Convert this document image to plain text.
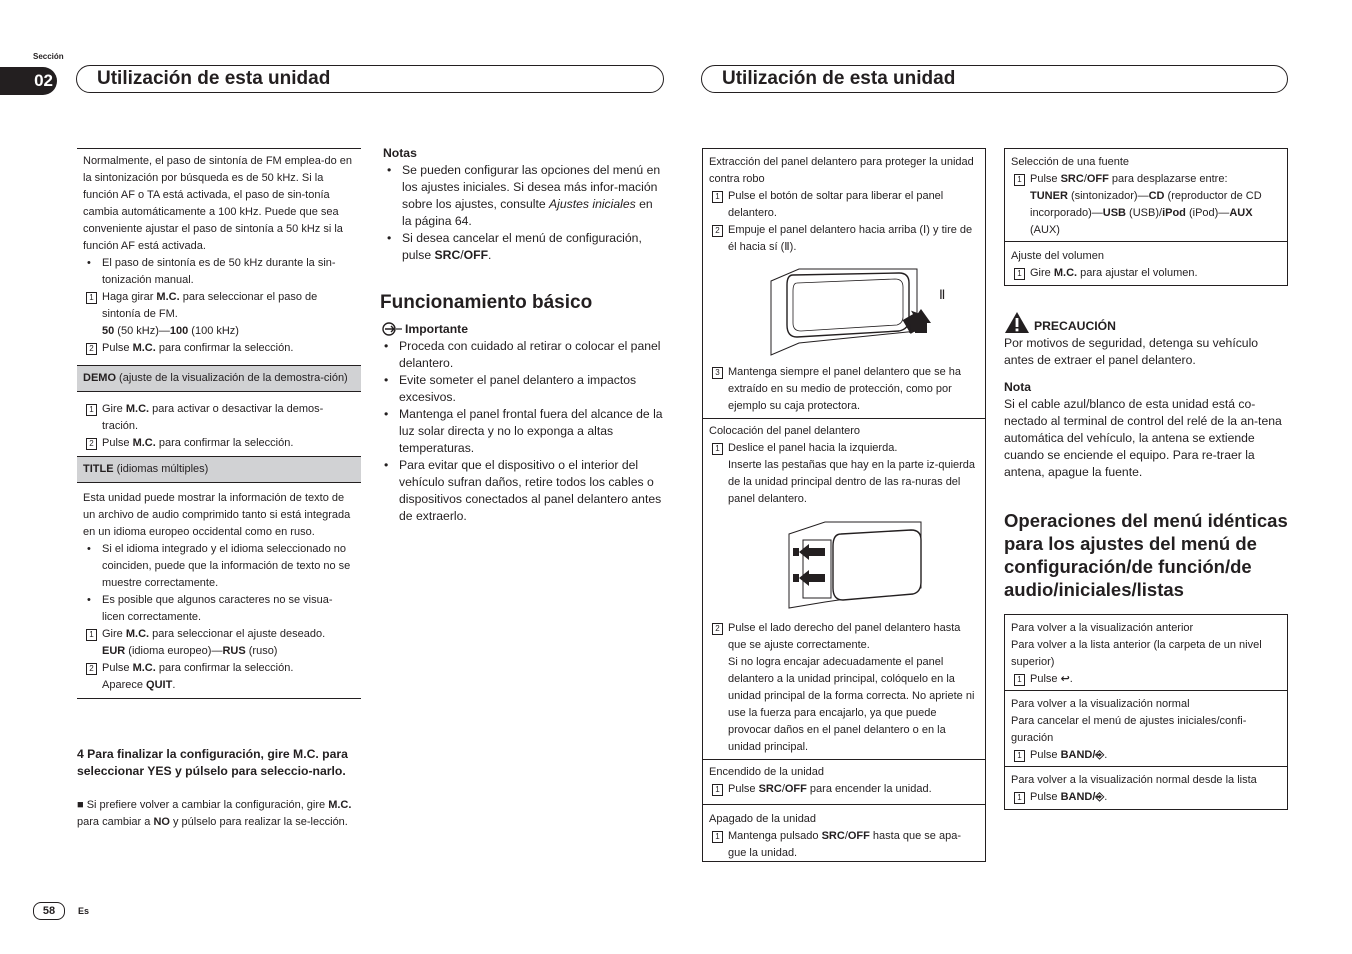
Sección
02	Utilización de esta unidad	Utilización de esta unidad
Normalmente, el paso de sintonía de FM emplea-do en la sintonización por búsqueda es de 50 kHz. Si la función AF o TA está activada, el paso de sin-tonía cambia automáticamente a 100 kHz. Puede que sea conveniente ajustar el paso de sintonía a 50 kHz si la función AF está activada.
• El paso de sintonía es de 50 kHz durante la sin-tonización manual.
1 Haga girar M.C. para seleccionar el paso de sintonía de FM.
50 (50 kHz)—100 (100 kHz)
2 Pulse M.C. para confirmar la selección.
DEMO (ajuste de la visualización de la demostra-ción)
1 Gire M.C. para activar o desactivar la demos-tración.
2 Pulse M.C. para confirmar la selección.
TITLE (idiomas múltiples)
Esta unidad puede mostrar la información de texto de un archivo de audio comprimido tanto si está integrada en un idioma europeo occidental como en ruso.
• Si el idioma integrado y el idioma seleccionado no coinciden, puede que la información de texto no se muestre correctamente.
• Es posible que algunos caracteres no se visua-licen correctamente.
1 Gire M.C. para seleccionar el ajuste deseado.
EUR (idioma europeo)—RUS (ruso)
2 Pulse M.C. para confirmar la selección.
Aparece QUIT.
4 Para finalizar la configuración, gire M.C. para seleccionar YES y púlselo para seleccio-narlo.
■ Si prefiere volver a cambiar la configuración, gire M.C. para cambiar a NO y púlselo para realizar la se-lección.
Notas
• Se pueden configurar las opciones del menú en los ajustes iniciales. Si desea más infor-mación sobre los ajustes, consulte Ajustes iniciales en la página 64.
• Si desea cancelar el menú de configuración, pulse SRC/OFF.
Funcionamiento básico
Importante
• Proceda con cuidado al retirar o colocar el panel delantero.
• Evite someter el panel delantero a impactos excesivos.
• Mantenga el panel frontal fuera del alcance de la luz solar directa y no lo exponga a altas temperaturas.
• Para evitar que el dispositivo o el interior del vehículo sufran daños, retire todos los cables o dispositivos conectados al panel delantero antes de extraerlo.
Extracción del panel delantero para proteger la unidad contra robo
1 Pulse el botón de soltar para liberar el panel delantero.
2 Empuje el panel delantero hacia arriba (Ⅰ) y tire de él hacia sí (Ⅱ).
Ⅱ
Ⅰ
3 Mantenga siempre el panel delantero que se ha extraído en su medio de protección, como por ejemplo su caja protectora.
Colocación del panel delantero
1 Deslice el panel hacia la izquierda.
Inserte las pestañas que hay en la parte iz-quierda de la unidad principal dentro de las ra-nuras del panel delantero.
2 Pulse el lado derecho del panel delantero hasta que se ajuste correctamente.
Si no logra encajar adecuadamente el panel delantero a la unidad principal, colóquelo en la unidad principal de la forma correcta. No apriete ni use la fuerza para encajarlo, ya que puede provocar daños en el panel delantero o en la unidad principal.
Encendido de la unidad
1 Pulse SRC/OFF para encender la unidad.
Apagado de la unidad
1 Mantenga pulsado SRC/OFF hasta que se apa-gue la unidad.
Selección de una fuente
1 Pulse SRC/OFF para desplazarse entre:
TUNER (sintonizador)—CD (reproductor de CD incorporado)—USB (USB)/iPod (iPod)—AUX (AUX)
Ajuste del volumen
1 Gire M.C. para ajustar el volumen.
PRECAUCIÓN
Por motivos de seguridad, detenga su vehículo antes de extraer el panel delantero.
Nota
Si el cable azul/blanco de esta unidad está co-nectado al terminal de control del relé de la an-tena automática del vehículo, la antena se extiende cuando se enciende el equipo. Para re-traer la antena, apague la fuente.
Operaciones del menú idénticas para los ajustes del menú de configuración/de función/de audio/iniciales/listas
Para volver a la visualización anterior
Para volver a la lista anterior (la carpeta de un nivel superior)
1 Pulse ↩.
Para volver a la visualización normal
Para cancelar el menú de ajustes iniciales/confi-guración
1 Pulse BAND/⎆.
Para volver a la visualización normal desde la lista
1 Pulse BAND/⎆.
58	Es
